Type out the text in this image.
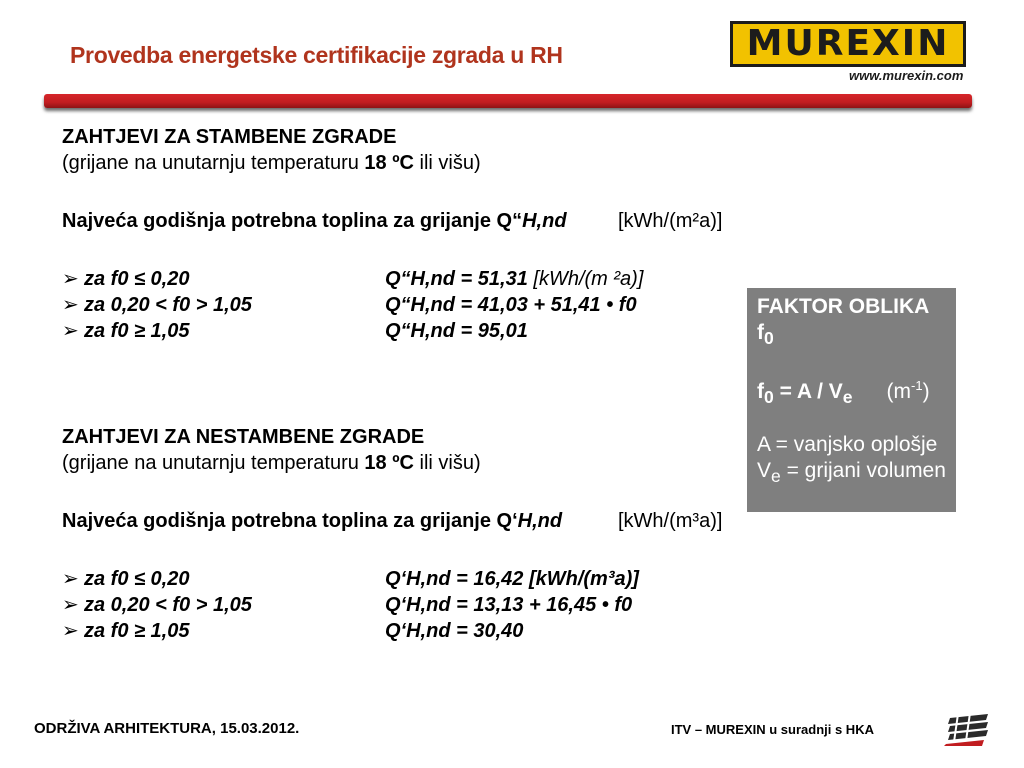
Provedba energetske certifikacije zgrada u RH	MUREXIN
www.murexin.com
ZAHTJEVI ZA STAMBENE ZGRADE
(grijane na unutarnju temperaturu 18 ºC ili višu)
Najveća godišnja potrebna toplina za grijanje Q“H,nd	[kWh/(m²a)]
➢ za f0 ≤ 0,20	Q“H,nd = 51,31 [kWh/(m ²a)]
➢ za 0,20 < f0 > 1,05	Q“H,nd = 41,03 + 51,41 • f0
➢ za f0 ≥ 1,05	Q“H,nd = 95,01
ZAHTJEVI ZA NESTAMBENE ZGRADE
(grijane na unutarnju temperaturu 18 ºC ili višu)
Najveća godišnja potrebna toplina za grijanje Q‘H,nd	[kWh/(m³a)]
➢ za f0 ≤ 0,20	Q‘H,nd = 16,42 [kWh/(m³a)]
➢ za 0,20 < f0 > 1,05	Q‘H,nd = 13,13 + 16,45 • f0
➢ za f0 ≥ 1,05	Q‘H,nd = 30,40
FAKTOR OBLIKA
$f_0$
$f_0 = A / V_e$ $(m^{-1})$
A = vanjsko oplošje
$V_e$ = grijani volumen
ODRŽIVA ARHITEKTURA, 15.03.2012.	ITV – MUREXIN u suradnji s HKA
